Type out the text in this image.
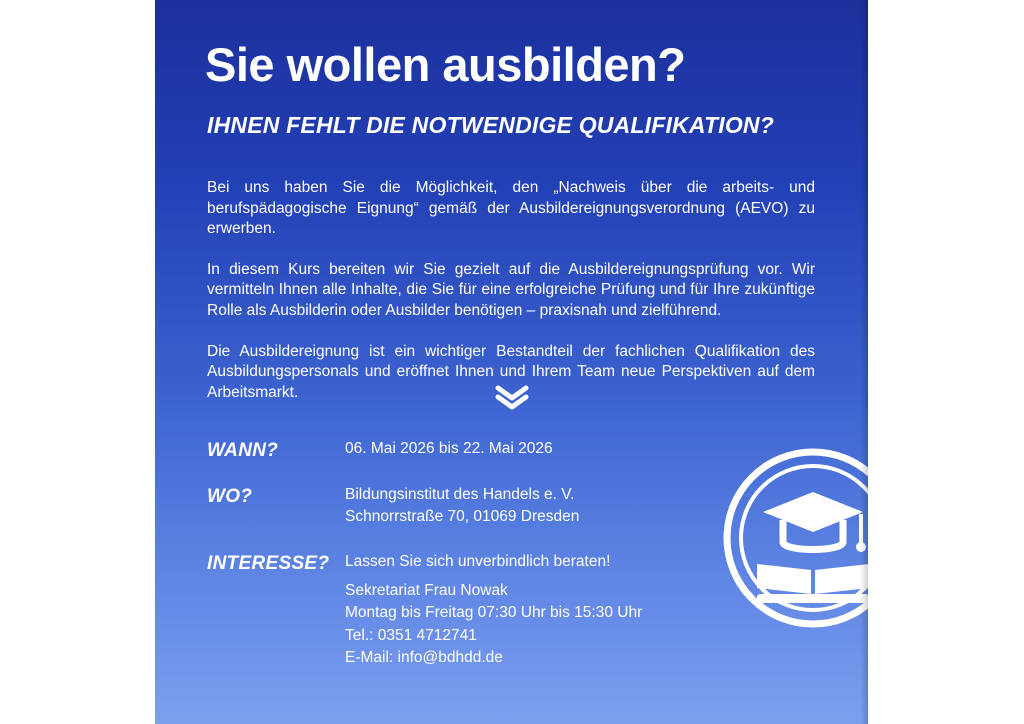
Sie wollen ausbilden?
IHNEN FEHLT DIE NOTWENDIGE QUALIFIKATION?

Bei uns haben Sie die Möglichkeit, den „Nachweis über die arbeits- und berufspädagogische Eignung“ gemäß der Ausbildereignungsverordnung (AEVO) zu erwerben.

In diesem Kurs bereiten wir Sie gezielt auf die Ausbildereignungsprüfung vor. Wir vermitteln Ihnen alle Inhalte, die Sie für eine erfolgreiche Prüfung und für Ihre zukünftige Rolle als Ausbilderin oder Ausbilder benötigen – praxisnah und zielführend.

Die Ausbildereignung ist ein wichtiger Bestandteil der fachlichen Qualifikation des Ausbildungspersonals und eröffnet Ihnen und Ihrem Team neue Perspektiven auf dem Arbeitsmarkt.

WANN?	06. Mai 2026 bis 22. Mai 2026
WO?	Bildungsinstitut des Handels e. V.
Schnorrstraße 70, 01069 Dresden
INTERESSE?	Lassen Sie sich unverbindlich beraten!
Sekretariat Frau Nowak
Montag bis Freitag 07:30 Uhr bis 15:30 Uhr
Tel.: 0351 4712741
E-Mail: info@bdhdd.de
